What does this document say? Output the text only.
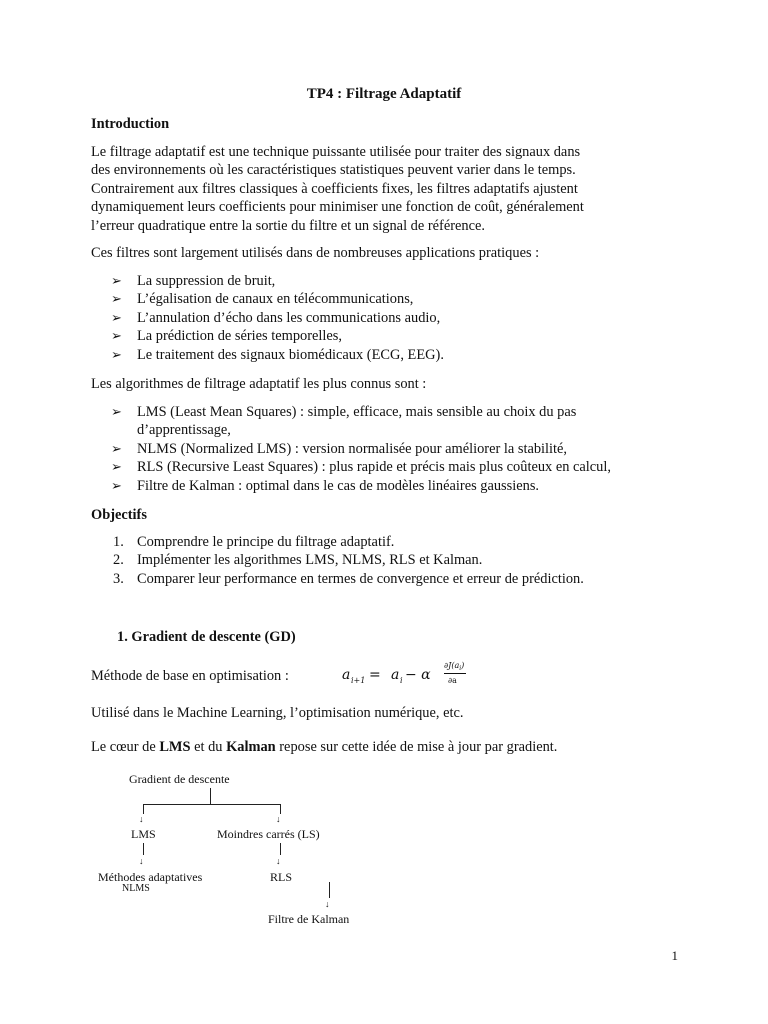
TP4 : Filtrage Adaptatif
Introduction

Le filtrage adaptatif est une technique puissante utilisée pour traiter des signaux dans

des environnements où les caractéristiques statistiques peuvent varier dans le temps.

Contrairement aux filtres classiques à coefficients fixes, les filtres adaptatifs ajustent

dynamiquement leurs coefficients pour minimiser une fonction de coût, généralement

l’erreur quadratique entre la sortie du filtre et un signal de référence.

Ces filtres sont largement utilisés dans de nombreuses applications pratiques :
➢ La suppression de bruit,
➢ L’égalisation de canaux en télécommunications,
➢ L’annulation d’écho dans les communications audio,
➢ La prédiction de séries temporelles,
➢ Le traitement des signaux biomédicaux (ECG, EEG).
Les algorithmes de filtrage adaptatif les plus connus sont :
➢ LMS (Least Mean Squares) : simple, efficace, mais sensible au choix du pas
d’apprentissage,
➢ NLMS (Normalized LMS) : version normalisée pour améliorer la stabilité,
➢ RLS (Recursive Least Squares) : plus rapide et précis mais plus coûteux en calcul,
➢ Filtre de Kalman : optimal dans le cas de modèles linéaires gaussiens.
Objectifs
1. Comprendre le principe du filtrage adaptatif.
2. Implémenter les algorithmes LMS, NLMS, RLS et Kalman.
3. Comparer leur performance en termes de convergence et erreur de prédiction.
1. Gradient de descente (GD)
Méthode de base en optimisation :	a i+1 = a i − α
$\partial J(a_i)$
∂a
Utilisé dans le Machine Learning, l’optimisation numérique, etc.
Le cœur de LMS et du Kalman repose sur cette idée de mise à jour par gradient.
Gradient de descente
↓	↓
LMS	Moindres carrés (LS)
↓	↓
Méthodes adaptatives
NLMS
RLS
↓
Filtre de Kalman
1
